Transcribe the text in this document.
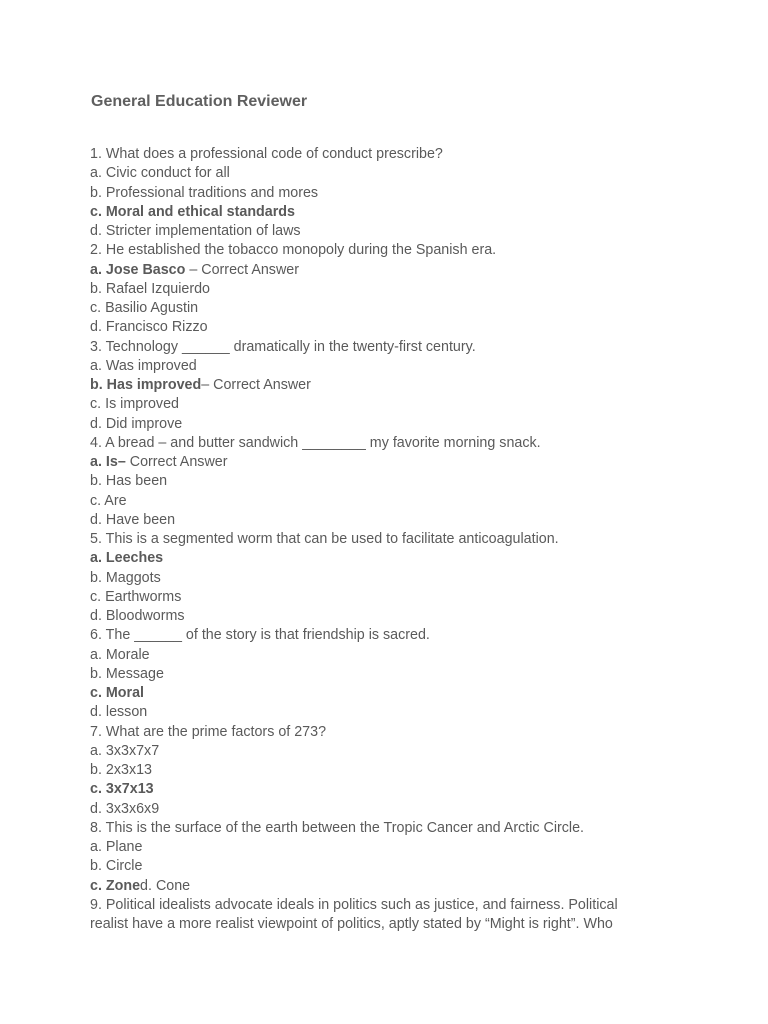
General Education Reviewer
1. What does a professional code of conduct prescribe?
a. Civic conduct for all
b. Professional traditions and mores
c. Moral and ethical standards
d. Stricter implementation of laws
2. He established the tobacco monopoly during the Spanish era.
a. Jose Basco – Correct Answer
b. Rafael Izquierdo
c. Basilio Agustin
d. Francisco Rizzo
3. Technology ______ dramatically in the twenty-first century.
a. Was improved
b. Has improved– Correct Answer
c. Is improved
d. Did improve
4. A bread – and butter sandwich ________ my favorite morning snack.
a. Is– Correct Answer
b. Has been
c. Are
d. Have been
5. This is a segmented worm that can be used to facilitate anticoagulation.
a. Leeches
b. Maggots
c. Earthworms
d. Bloodworms
6. The ______ of the story is that friendship is sacred.
a. Morale
b. Message
c. Moral
d. lesson
7. What are the prime factors of 273?
a. 3x3x7x7
b. 2x3x13
c. 3x7x13
d. 3x3x6x9
8. This is the surface of the earth between the Tropic Cancer and Arctic Circle.
a. Plane
b. Circle
c. Zoned. Cone
9. Political idealists advocate ideals in politics such as justice, and fairness. Political
realist have a more realist viewpoint of politics, aptly stated by “Might is right”. Who
